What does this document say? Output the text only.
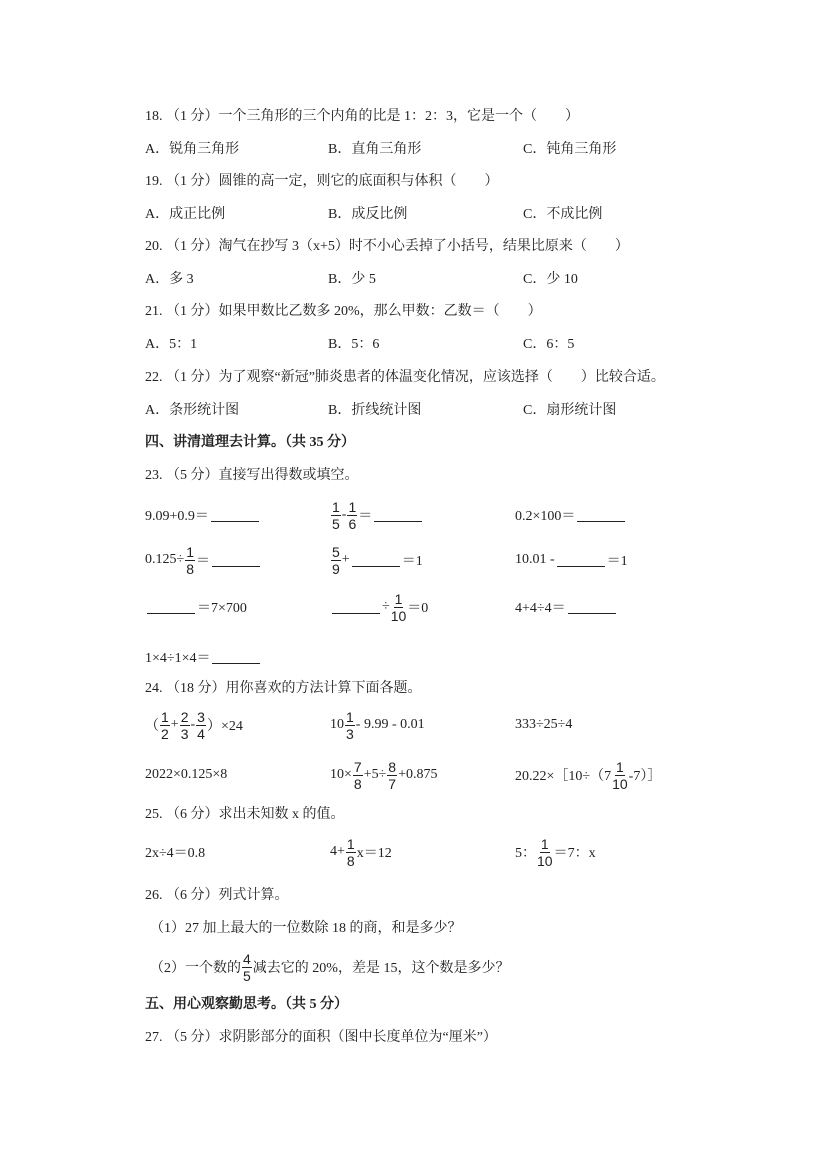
18. （1 分）一个三角形的三个内角的比是 1：2：3，它是一个（　　）
A．锐角三角形	B．直角三角形	C．钝角三角形
19. （1 分）圆锥的高一定，则它的底面积与体积（　　）
A．成正比例	B．成反比例	C．不成比例
20. （1 分）淘气在抄写 3（x+5）时不小心丢掉了小括号，结果比原来（　　）
A．多 3	B．少 5	C．少 10
21. （1 分）如果甲数比乙数多 20%，那么甲数：乙数＝（　　）
A．5：1	B．5：6	C．6：5
22. （1 分）为了观察“新冠”肺炎患者的体温变化情况，应该选择（　　）比较合适。
A．条形统计图	B．折线统计图	C．扇形统计图
四、讲清道理去计算。（共 35 分）
23. （5 分）直接写出得数或填空。
9.09+0.9＝	$\frac{1}{5} - \frac{1}{6}$ ＝	0.2×100＝
$0.125\div \frac{1}{8}$ ＝	$\frac{5}{9}$ +	＝1	10.01 -	＝1
＝7×700	÷ $\frac{1}{10} =0$	4+4÷4＝
1×4÷1×4＝
24. （18 分）用你喜欢的方法计算下面各题。
（ $\frac{1}{2} + \frac{2}{3} - \frac{3}{4} )\times 24$	$10 \frac{1}{3} - 9.99 - 0.01$	333÷25÷4
2022×0.125×8	$10\times \frac{7}{8} +5\div \frac{8}{7} +0.875$	20.22×［10÷（7 $\frac{1}{10}$ -7）］
25. （6 分）求出未知数 x 的值。
2x÷4＝0.8	$4+ \frac{1}{8} x=12$	5： $\frac{1}{10} =7$：x
26. （6 分）列式计算。
（1）27 加上最大的一位数除 18 的商，和是多少？
（2）一个数的 $\frac{4}{5}$ 减去它的 20%，差是 15，这个数是多少？
五、用心观察勤思考。（共 5 分）
27. （5 分）求阴影部分的面积（图中长度单位为“厘米”）
